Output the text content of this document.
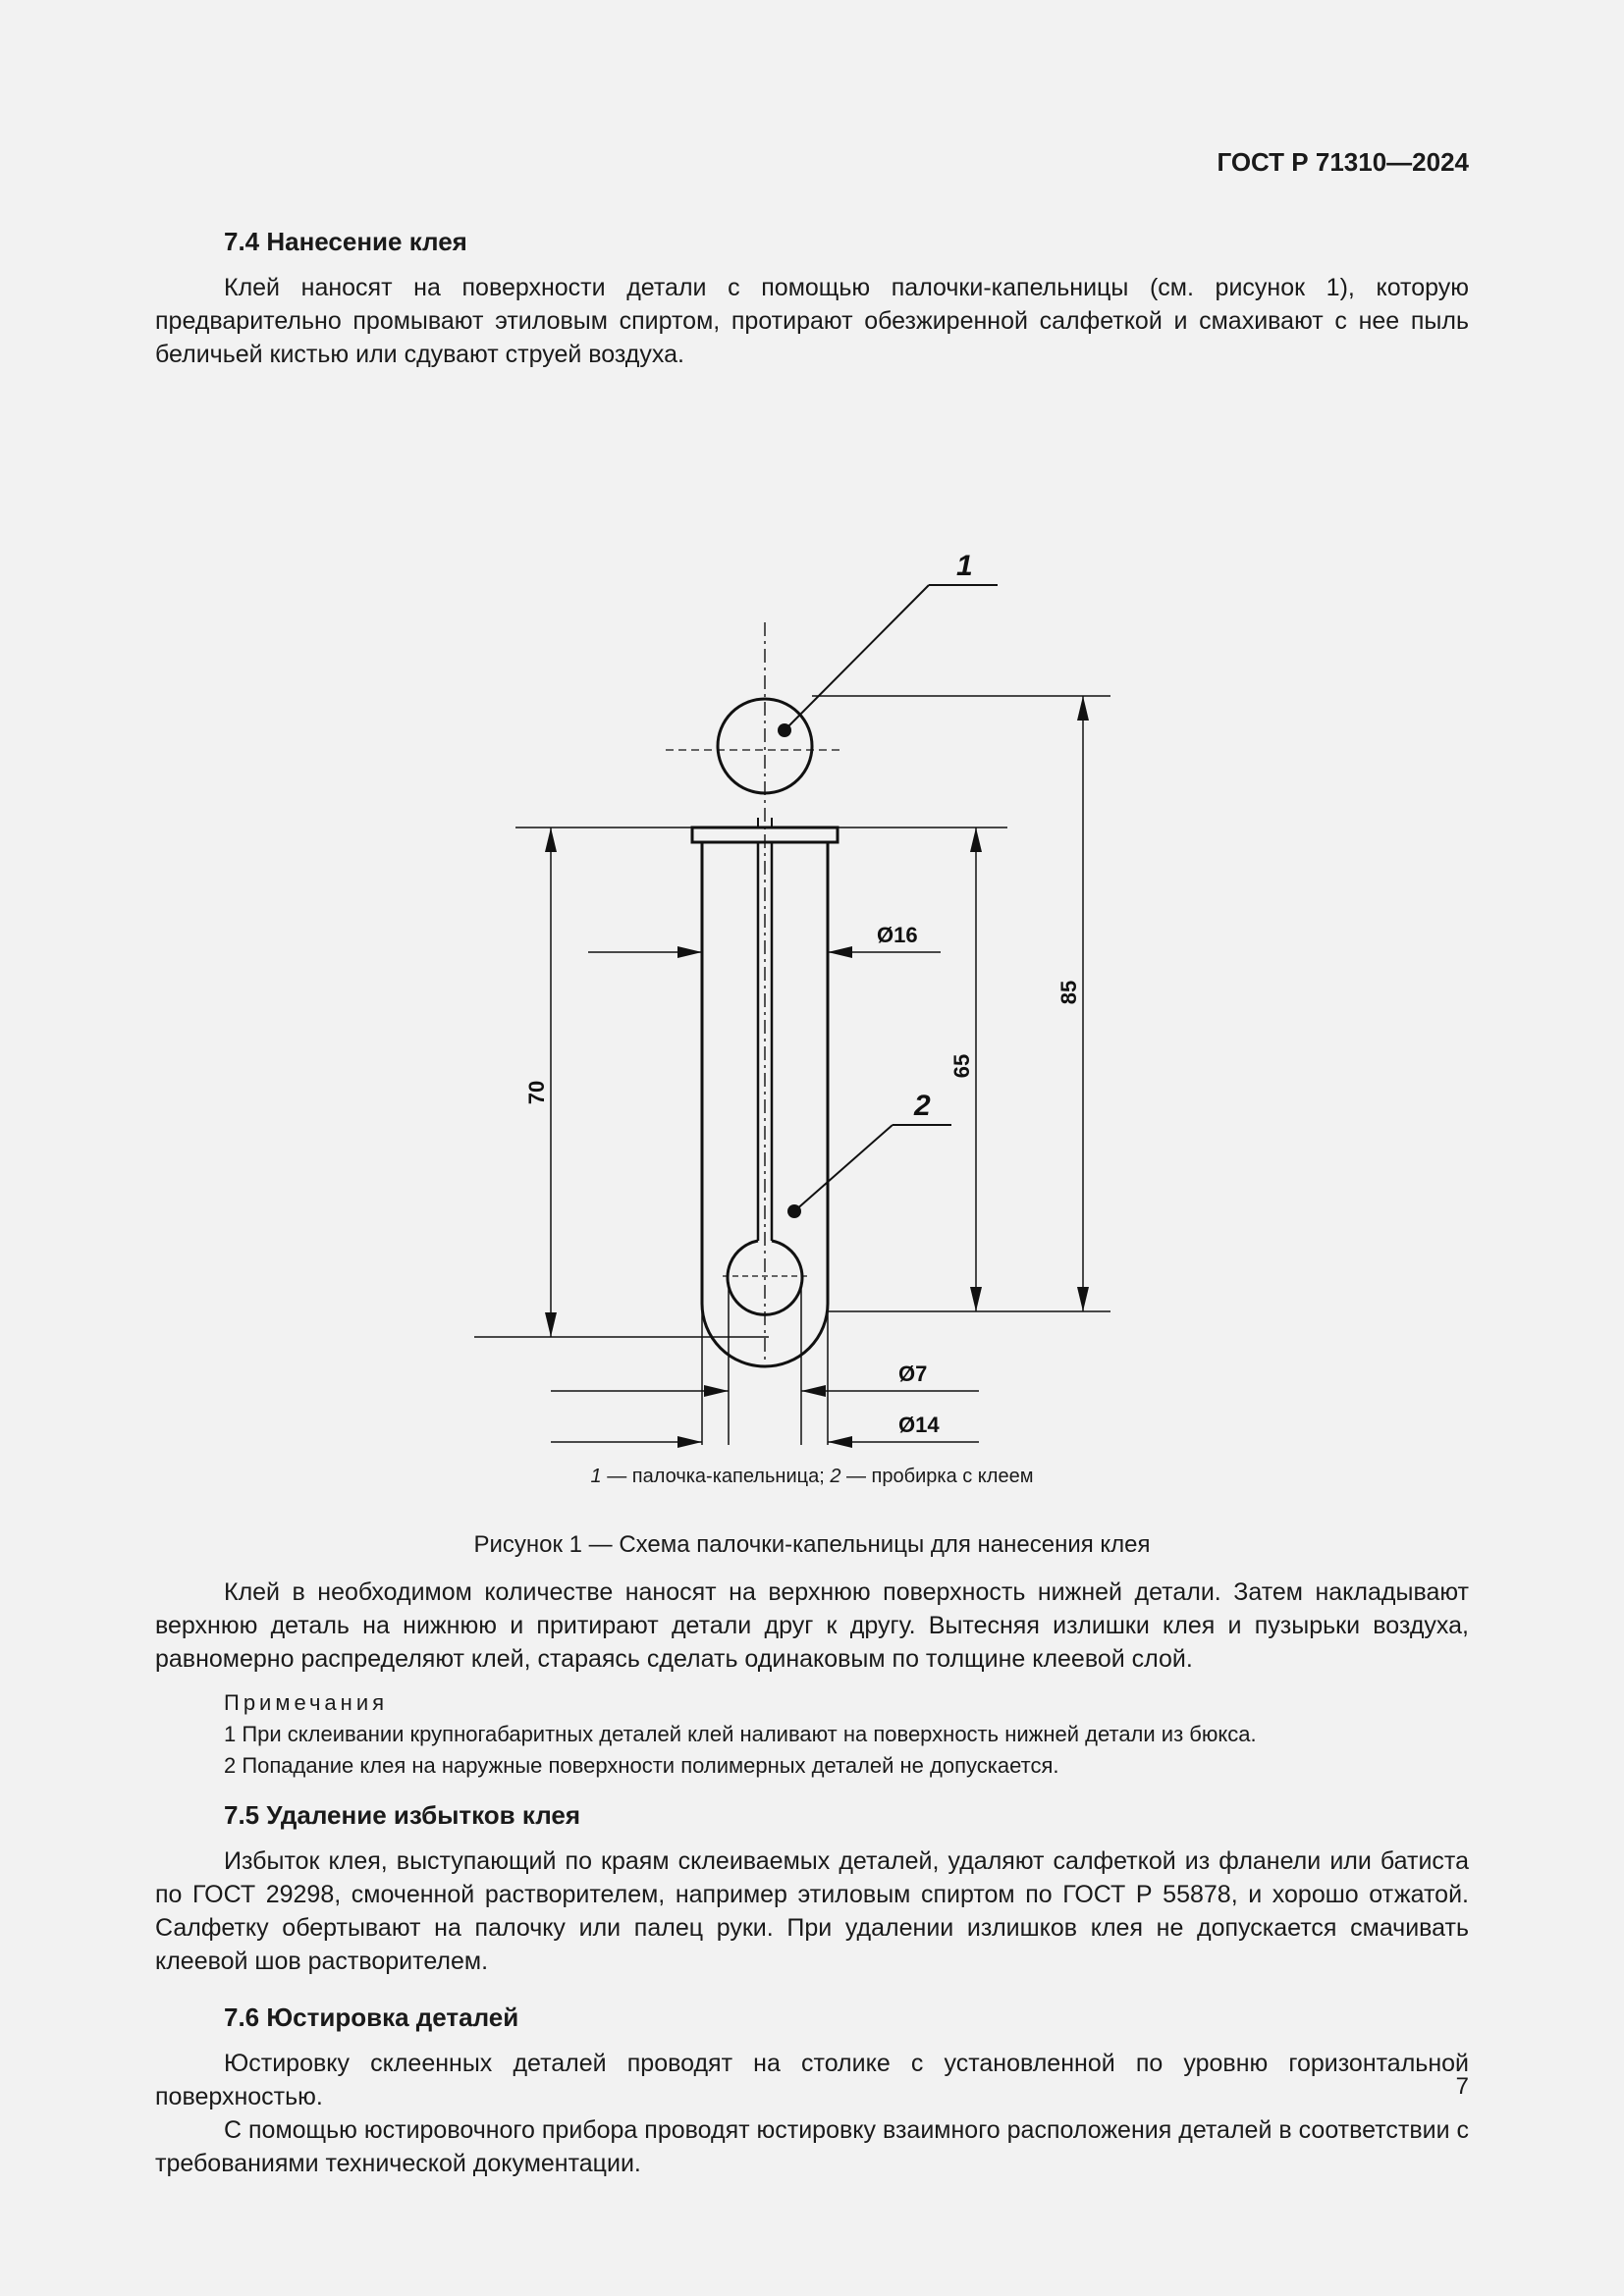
ГОСТ Р 71310—2024
7.4 Нанесение клея

Клей наносят на поверхности детали с помощью палочки-капельницы (см. рисунок 1), которую предварительно промывают этиловым спиртом, протирают обезжиренной салфеткой и смахивают с нее пыль беличьей кистью или сдувают струей воздуха.

1
2
70
65
85
Ø16
Ø7
Ø14
1 — палочка-капельница; 2 — пробирка с клеем
Рисунок 1 — Схема палочки-капельницы для нанесения клея

Клей в необходимом количестве наносят на верхнюю поверхность нижней детали. Затем накладывают верхнюю деталь на нижнюю и притирают детали друг к другу. Вытесняя излишки клея и пузырьки воздуха, равномерно распределяют клей, стараясь сделать одинаковым по толщине клеевой слой.

Примечания
1 При склеивании крупногабаритных деталей клей наливают на поверхность нижней детали из бюкса.
2 Попадание клея на наружные поверхности полимерных деталей не допускается.
7.5 Удаление избытков клея

Избыток клея, выступающий по краям склеиваемых деталей, удаляют салфеткой из фланели или батиста по ГОСТ 29298, смоченной растворителем, например этиловым спиртом по ГОСТ Р 55878, и хорошо отжатой. Салфетку обертывают на палочку или палец руки. При удалении излишков клея не допускается смачивать клеевой шов растворителем.

7.6 Юстировка деталей

Юстировку склеенных деталей проводят на столике с установленной по уровню горизонтальной поверхностью.

С помощью юстировочного прибора проводят юстировку взаимного расположения деталей в соответствии с требованиями технической документации.

7
